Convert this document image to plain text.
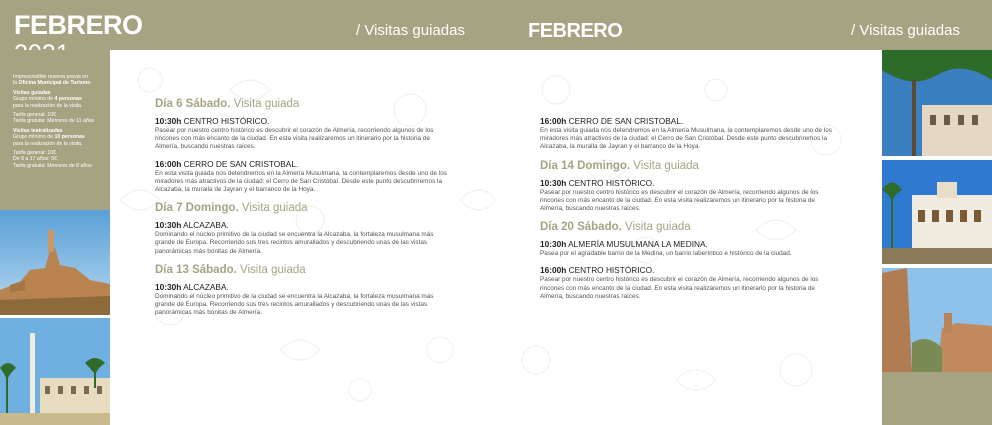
FEBRERO	/ Visitas guiadas

Imprescindible reserva previa en
la Oficina Municipal de Turismo

Visitas guiadas
Grupo mínimo de 4 personas
para la realización de la visita.

Tarifa general: 10€
Tarifa gratuita: Menores de 11 años

Visitas teatralizadas
Grupo mínimo de 10 personas
para la realización de la visita.

Tarifa general: 10€
De 8 a 17 años: 5€
Tarifa gratuita: Menores de 8 años

Día 6 Sábado. Visita guiada
10:30h CENTRO HISTÓRICO.
Pasear por nuestro centro histórico es descubrir el corazón de Almería, recorriendo algunos de los rincones con más encanto de la ciudad. En esta visita realizaremos un itinerario por la historia de Almería, buscando nuestras raíces.
16:00h CERRO DE SAN CRISTOBAL.
En esta visita guiada nos detendremos en la Almería Musulmana, la contemplaremos desde uno de los miradores más atractivos de la ciudad: el Cerro de San Cristóbal. Desde este punto descubriremos la Alcazaba, la muralla de Jayran y el barranco de la Hoya.
Día 7 Domingo. Visita guiada
10:30h ALCAZABA.
Dominando el núcleo primitivo de la ciudad se encuentra la Alcazaba, la fortaleza musulmana más grande de Europa. Recorriendo sus tres recintos amurallados y descubriendo unas de las vistas panorámicas más bonitas de Almería.
Día 13 Sábado. Visita guiada
10:30h ALCAZABA.
Dominando el núcleo primitivo de la ciudad se encuentra la Alcazaba, la fortaleza musulmana más grande de Europa. Recorriendo sus tres recintos amurallados y descubriendo unas de las vistas panorámicas más bonitas de Almería.
FEBRERO	/ Visitas guiadas
16:00h CERRO DE SAN CRISTOBAL.
En esta visita guiada nos detendremos en la Almería Musulmana, la contemplaremos desde uno de los miradores más atractivos de la ciudad: el Cerro de San Cristóbal. Desde este punto descubriremos la Alcazaba, la muralla de Jayran y el barranco de la Hoya.
Día 14 Domingo. Visita guiada
10:30h CENTRO HISTÓRICO.
Pasear por nuestro centro histórico es descubrir el corazón de Almería, recorriendo algunos de los rincones con más encanto de la ciudad. En esta visita realizaremos un itinerario por la historia de Almería, buscando nuestras raíces.
Día 20 Sábado. Visita guiada
10:30h ALMERÍA MUSULMANA LA MEDINA.
Pasea por el agradable barrio de la Medina, un barrio laberíntico e histórico de la ciudad.
16:00h CENTRO HISTÓRICO.
Pasear por nuestro centro histórico es descubrir el corazón de Almería, recorriendo algunos de los rincones con más encanto de la ciudad. En esta visita realizaremos un itinerario por la historia de Almería, buscando nuestras raíces.
